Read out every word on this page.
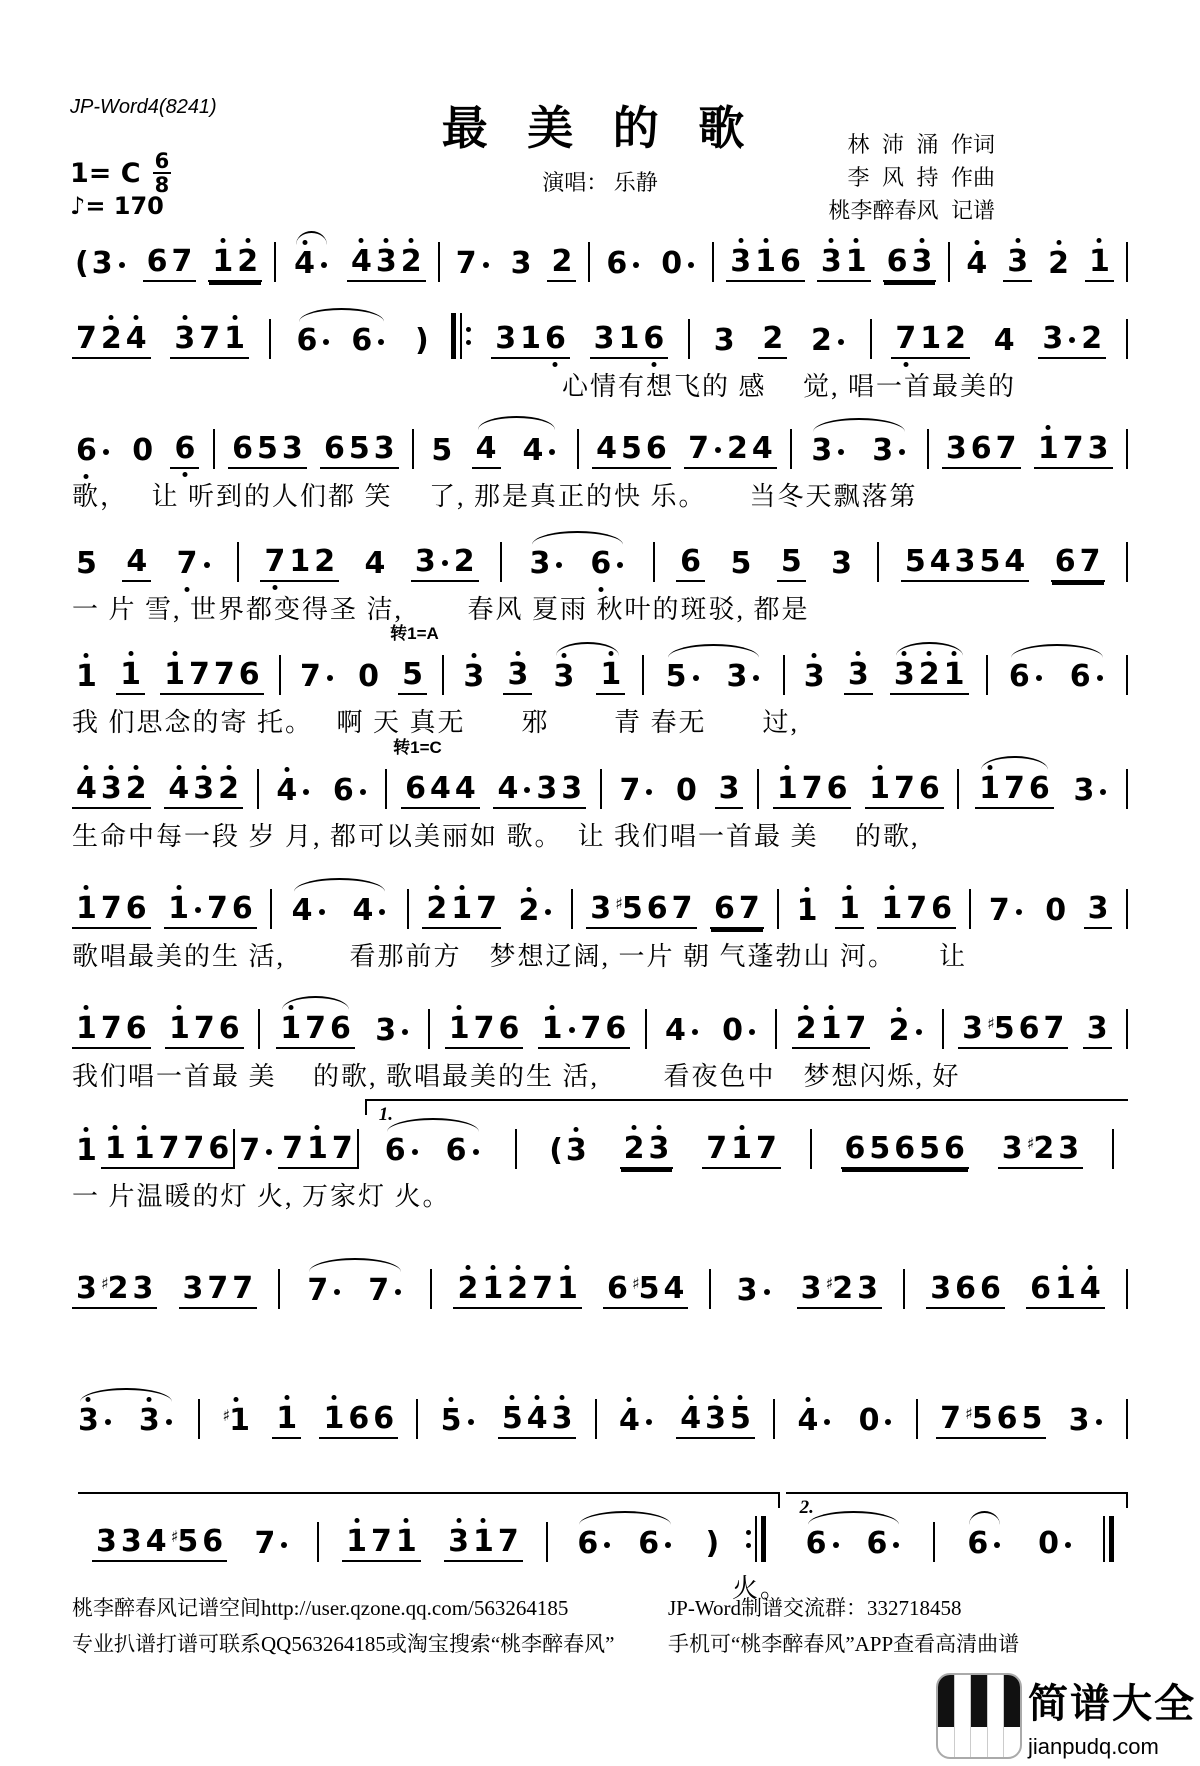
JP-Word4(8241)	最 美 的 歌
演唱： 乐静
林 沛 涌 作词
李 风 持 作曲
桃李醉春风 记谱
1= C $\frac{6}{8}$
♪= 170
( 3 6 7 1 2 4 4 3 2 7 3 2 6 0 3 1 6 3 1 6 3 4 3 2 1
7 2 4 3 7 1 6 6 ) 3 1 6 3 1 6 3 2 2 7 1 2 4 3 2
心情有想飞的 感　 觉, 唱一首最美的
6 0 6 6 5 3 6 5 3 5 4 4 4 5 6 7 2 4 3 3 3 6 7 1 7 3
歌，　 让 听到的人们都 笑　 了, 那是真正的快 乐。　　当冬天飘落第
5 4 7 7 1 2 4 3 2 3 6 6 5 5 3 5 4 3 5 4 6 7
一 片 雪, 世界都变得圣 洁,　　 春风 夏雨 秋叶的斑驳, 都是
1 1 1 7 7 6 7 0 5
转1=A
3 3 3 1 5 3 3 3 3 2 1 6 6
我 们思念的寄 托。　 啊 天 真无　　邪　　 青 春无　　过,
4 3 2 4 3 2 4 6 6 4 4
转1=C
4 3 3 7 0 3 1 7 6 1 7 6 1 7 6 3
生命中每一段 岁 月, 都可以美丽如 歌。　让 我们唱一首最 美　 的歌,
1 7 6 1 7 6 4 4 2 1 7 2 3 ♯5 6 7 6 7 1 1 1 7 6 7 0 3
歌唱最美的生 活,　　 看那前方　梦想辽阔, 一片 朝 气蓬勃山 河。　　让
1 7 6 1 7 6 1 7 6 3 1 7 6 1 7 6 4 0 2 1 7 2 3 ♯5 6 7 3
我们唱一首最 美　 的歌, 歌唱最美的生 活,　　 看夜色中　梦想闪烁, 好
1 1 1 7 7 6 7 7 1 7
1.
6 6	( 3 2 3 7 1 7 6 5 6 5 6 3 ♯2 3
一 片温暖的灯 火, 万家灯 火。
3 ♯2 3 3 7 7 7 7 2 1 2 7 1 6 ♯5 4 3 3 ♯2 3 3 6 6 6 1 4
3 3	♯1 1 1 6 6 5 5 4 3 4 4 3 5 4 0 7 ♯5 6 5 3
3 3 4 ♯5 6 7 1 7 1 3 1 7 6 6 )
2.
6 6	6 0
火。
桃李醉春风记谱空间http://user.qzone.qq.com/563264185
专业扒谱打谱可联系QQ563264185或淘宝搜索“桃李醉春风”
JP-Word制谱交流群：332718458
手机可“桃李醉春风”APP查看高清曲谱
简谱大全
jianpudq.com
